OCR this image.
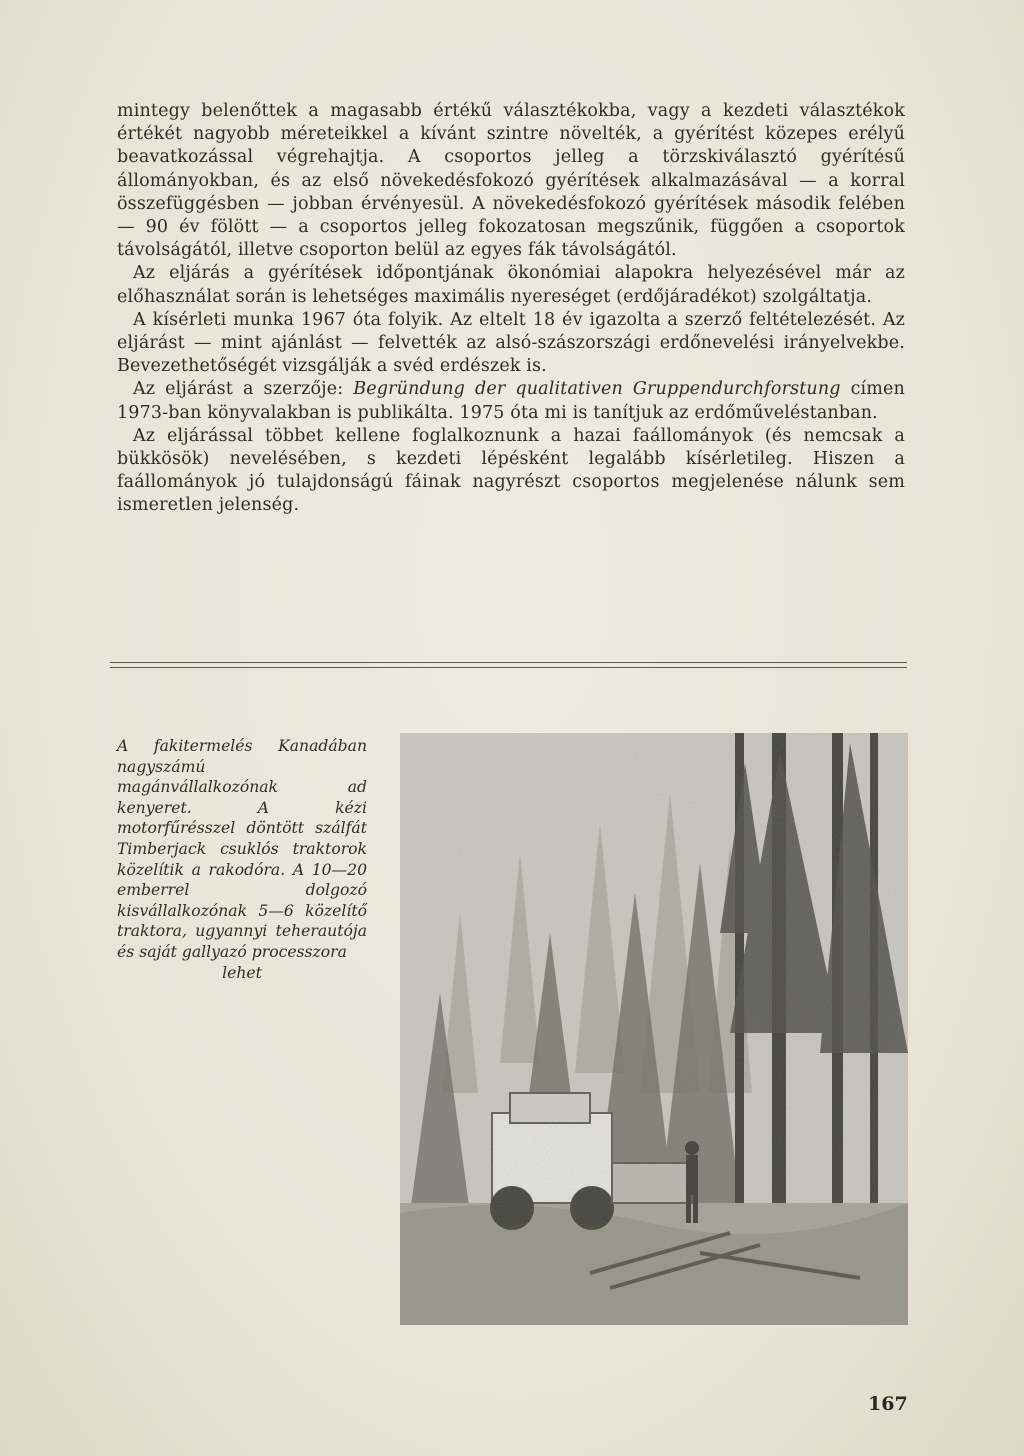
mintegy belenőttek a magasabb értékű választékokba, vagy a kezdeti választékok értékét nagyobb méreteikkel a kívánt szintre növelték, a gyérítést közepes erélyű beavatkozással végrehajtja. A csoportos jelleg a törzskiválasztó gyérítésű állományokban, és az első növekedésfokozó gyérítések alkalmazásával — a korral összefüggésben — jobban érvényesül. A növekedésfokozó gyérítések második felében — 90 év fölött — a csoportos jelleg fokozatosan megszűnik, függően a csoportok távolságától, illetve csoporton belül az egyes fák távolságától.

Az eljárás a gyérítések időpontjának ökonómiai alapokra helyezésével már az előhasználat során is lehetséges maximális nyereséget (erdőjáradékot) szolgáltatja.

A kísérleti munka 1967 óta folyik. Az eltelt 18 év igazolta a szerző feltételezését. Az eljárást — mint ajánlást — felvették az alsó-szászországi erdőnevelési irányelvekbe. Bevezethetőségét vizsgálják a svéd erdészek is.

Az eljárást a szerzője: Begründung der qualitativen Gruppendurchforstung címen 1973-ban könyvalakban is publikálta. 1975 óta mi is tanítjuk az erdőműveléstanban.

Az eljárással többet kellene foglalkoznunk a hazai faállományok (és nemcsak a bükkösök) nevelésében, s kezdeti lépésként legalább kísérletileg. Hiszen a faállományok jó tulajdonságú fáinak nagyrészt csoportos megjelenése nálunk sem ismeretlen jelenség.

A fakitermelés Kanadában nagyszámú magánvállalkozónak ad kenyeret. A kézi motorfűrésszel döntött szálfát Timberjack csuklós traktorok közelítik a rakodóra. A 10—20 emberrel dolgozó kisvállalkozónak 5—6 közelítő traktora, ugyannyi teherautója és saját gallyazó processzora
lehet
167
